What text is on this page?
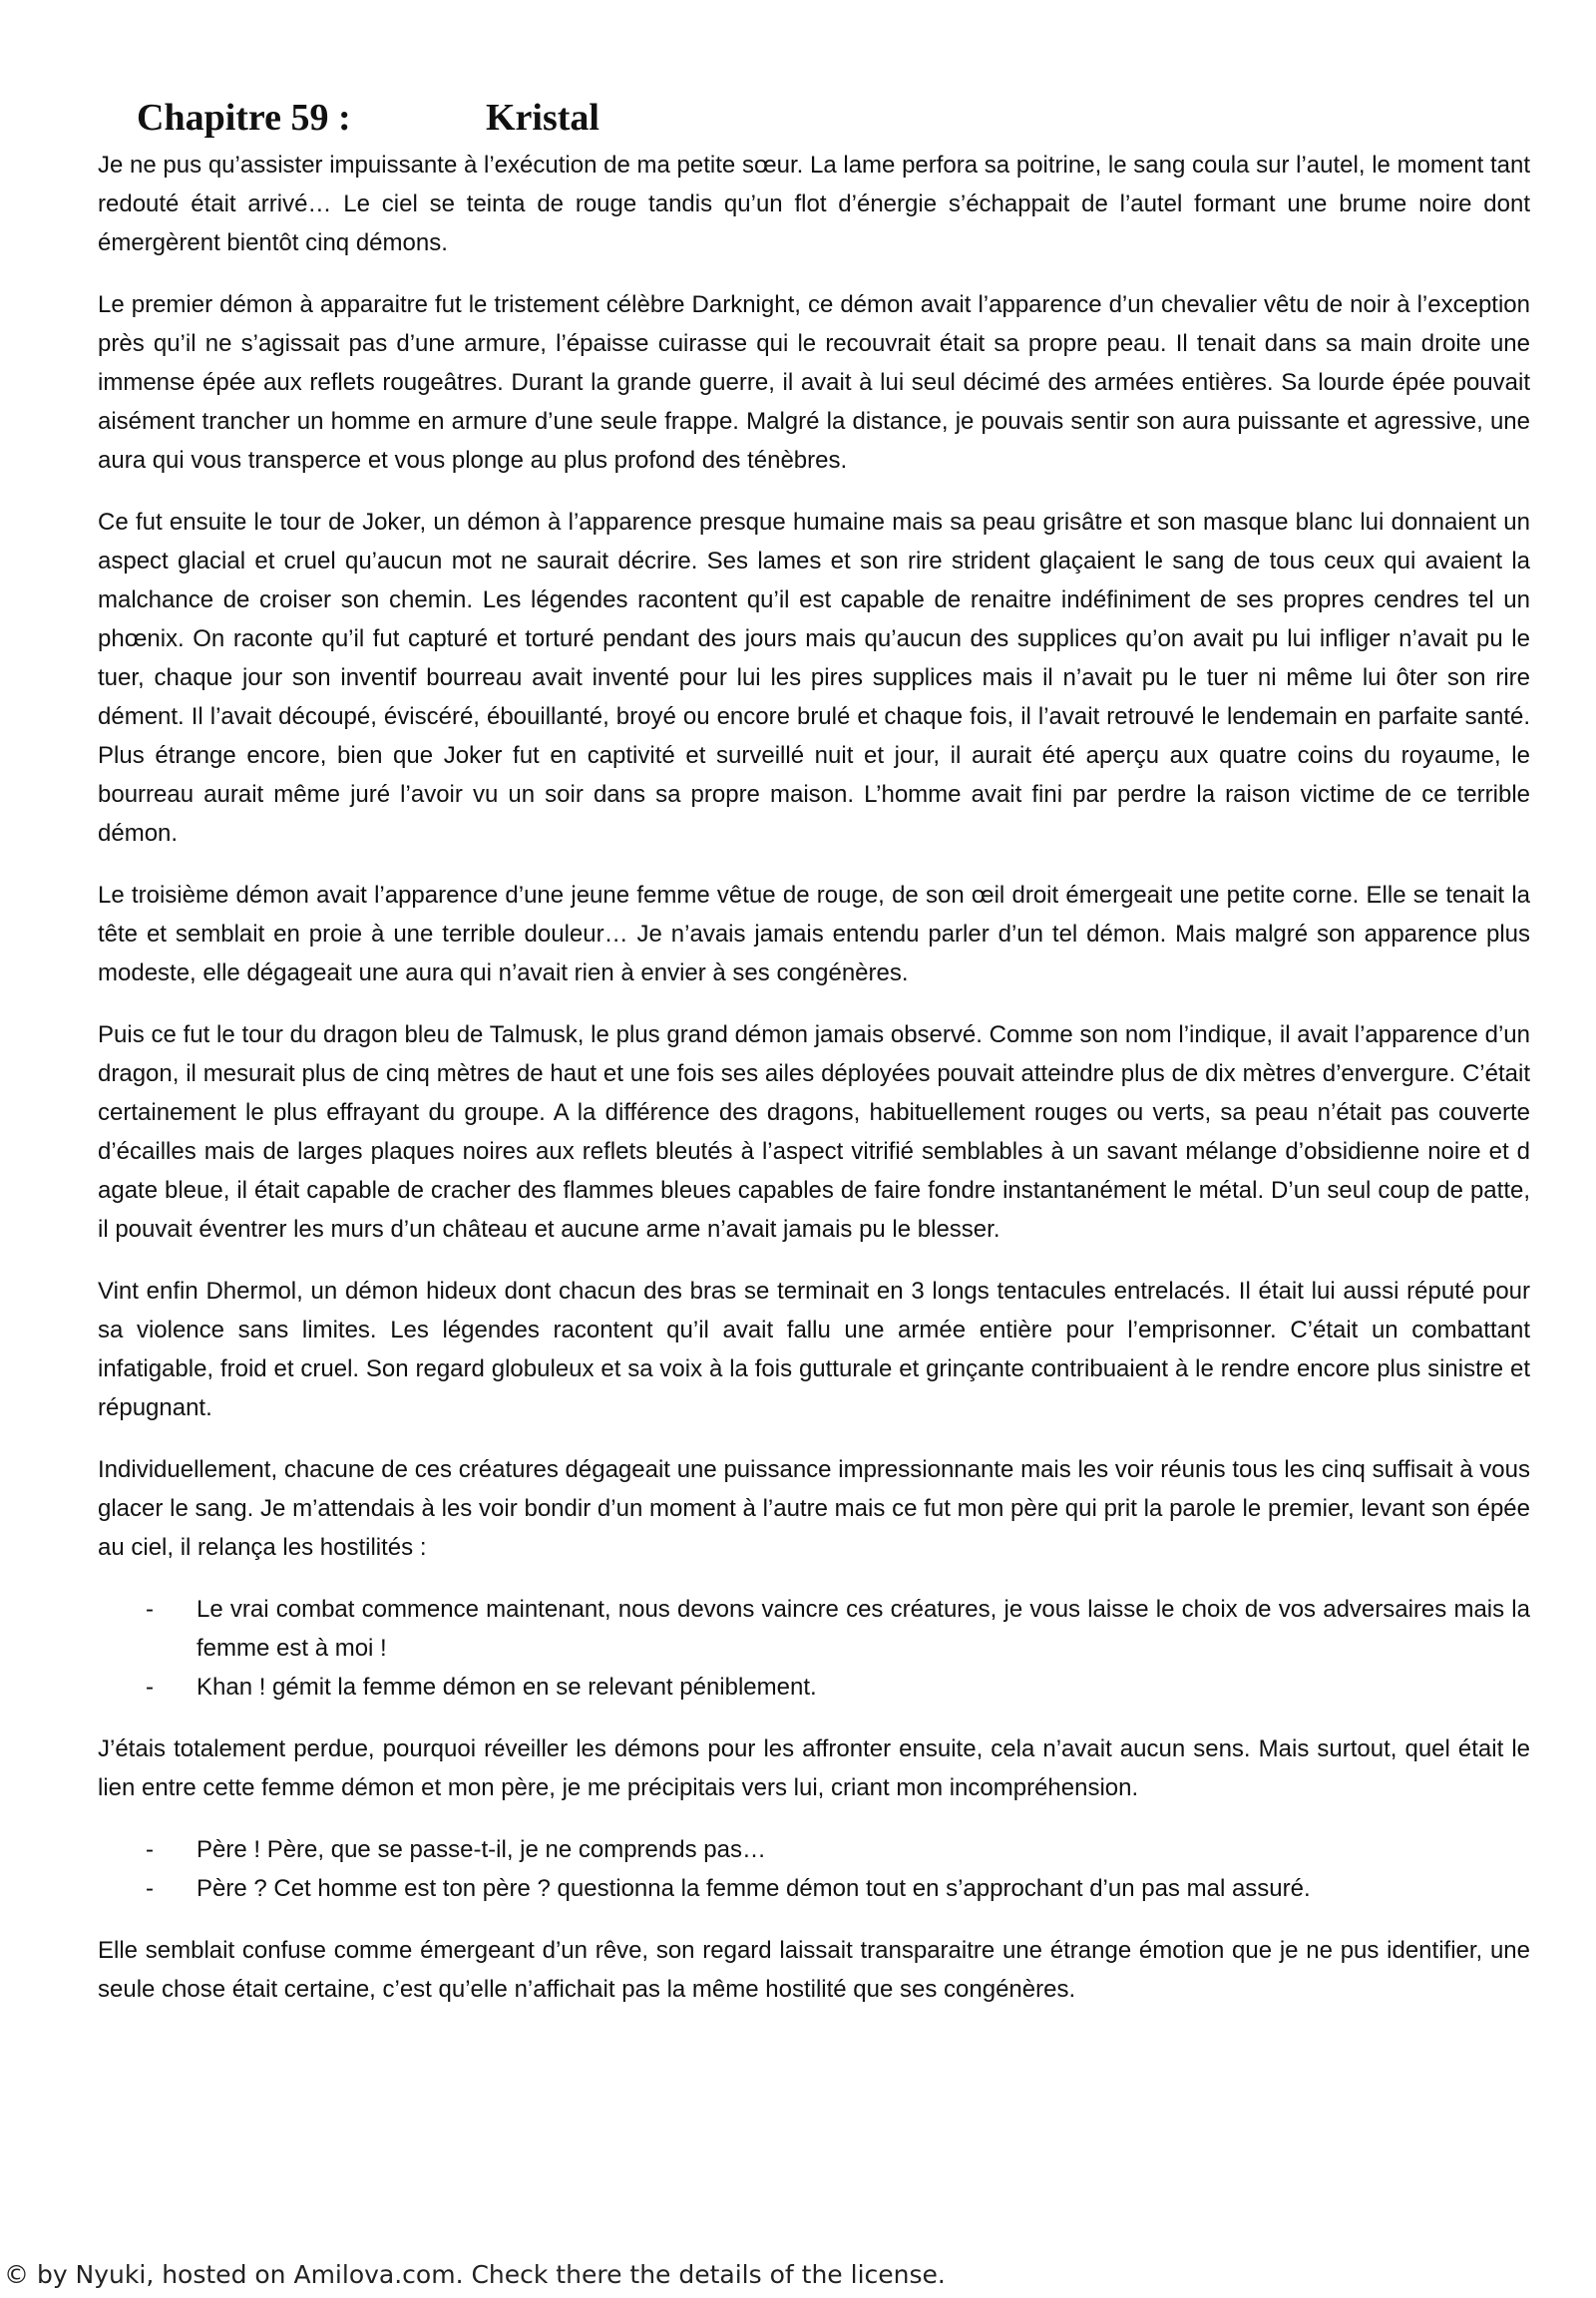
Chapitre 59 :	Kristal

Je ne pus qu’assister impuissante à l’exécution de ma petite sœur. La lame perfora sa poitrine, le sang coula sur l’autel, le moment tant redouté était arrivé… Le ciel se teinta de rouge tandis qu’un flot d’énergie s’échappait de l’autel formant une brume noire dont émergèrent bientôt cinq démons.

Le premier démon à apparaitre fut le tristement célèbre Darknight, ce démon avait l’apparence d’un chevalier vêtu de noir à l’exception près qu’il ne s’agissait pas d’une armure, l’épaisse cuirasse qui le recouvrait était sa propre peau. Il tenait dans sa main droite une immense épée aux reflets rougeâtres. Durant la grande guerre, il avait à lui seul décimé des armées entières. Sa lourde épée pouvait aisément trancher un homme en armure d’une seule frappe. Malgré la distance, je pouvais sentir son aura puissante et agressive, une aura qui vous transperce et vous plonge au plus profond des ténèbres.

Ce fut ensuite le tour de Joker, un démon à l’apparence presque humaine mais sa peau grisâtre et son masque blanc lui donnaient un aspect glacial et cruel qu’aucun mot ne saurait décrire. Ses lames et son rire strident glaçaient le sang de tous ceux qui avaient la malchance de croiser son chemin. Les légendes racontent qu’il est capable de renaitre indéfiniment de ses propres cendres tel un phœnix. On raconte qu’il fut capturé et torturé pendant des jours mais qu’aucun des supplices qu’on avait pu lui infliger n’avait pu le tuer, chaque jour son inventif bourreau avait inventé pour lui les pires supplices mais il n’avait pu le tuer ni même lui ôter son rire dément. Il l’avait découpé, éviscéré, ébouillanté, broyé ou encore brulé et chaque fois, il l’avait retrouvé le lendemain en parfaite santé. Plus étrange encore, bien que Joker fut en captivité et surveillé nuit et jour, il aurait été aperçu aux quatre coins du royaume, le bourreau aurait même juré l’avoir vu un soir dans sa propre maison. L’homme avait fini par perdre la raison victime de ce terrible démon.

Le troisième démon avait l’apparence d’une jeune femme vêtue de rouge, de son œil droit émergeait une petite corne. Elle se tenait la tête et semblait en proie à une terrible douleur… Je n’avais jamais entendu parler d’un tel démon. Mais malgré son apparence plus modeste, elle dégageait une aura qui n’avait rien à envier à ses congénères.

Puis ce fut le tour du dragon bleu de Talmusk, le plus grand démon jamais observé. Comme son nom l’indique, il avait l’apparence d’un dragon, il mesurait plus de cinq mètres de haut et une fois ses ailes déployées pouvait atteindre plus de dix mètres d’envergure. C’était certainement le plus effrayant du groupe. A la différence des dragons, habituellement rouges ou verts, sa peau n’était pas couverte d’écailles mais de larges plaques noires aux reflets bleutés à l’aspect vitrifié semblables à un savant mélange d’obsidienne noire et d agate bleue, il était capable de cracher des flammes bleues capables de faire fondre instantanément le métal. D’un seul coup de patte, il pouvait éventrer les murs d’un château et aucune arme n’avait jamais pu le blesser.

Vint enfin Dhermol, un démon hideux dont chacun des bras se terminait en 3 longs tentacules entrelacés. Il était lui aussi réputé pour sa violence sans limites. Les légendes racontent qu’il avait fallu une armée entière pour l’emprisonner. C’était un combattant infatigable, froid et cruel. Son regard globuleux et sa voix à la fois gutturale et grinçante contribuaient à le rendre encore plus sinistre et répugnant.

Individuellement, chacune de ces créatures dégageait une puissance impressionnante mais les voir réunis tous les cinq suffisait à vous glacer le sang. Je m’attendais à les voir bondir d’un moment à l’autre mais ce fut mon père qui prit la parole le premier, levant son épée au ciel, il relança les hostilités :

- Le vrai combat commence maintenant, nous devons vaincre ces créatures, je vous laisse le choix de vos adversaires mais la femme est à moi !
- Khan ! gémit la femme démon en se relevant péniblement.

J’étais totalement perdue, pourquoi réveiller les démons pour les affronter ensuite, cela n’avait aucun sens. Mais surtout, quel était le lien entre cette femme démon et mon père, je me précipitais vers lui, criant mon incompréhension.

- Père ! Père, que se passe-t-il, je ne comprends pas…
- Père ? Cet homme est ton père ? questionna la femme démon tout en s’approchant d’un pas mal assuré.

Elle semblait confuse comme émergeant d’un rêve, son regard laissait transparaitre une étrange émotion que je ne pus identifier, une seule chose était certaine, c’est qu’elle n’affichait pas la même hostilité que ses congénères.

© by Nyuki, hosted on Amilova.com. Check there the details of the license.
